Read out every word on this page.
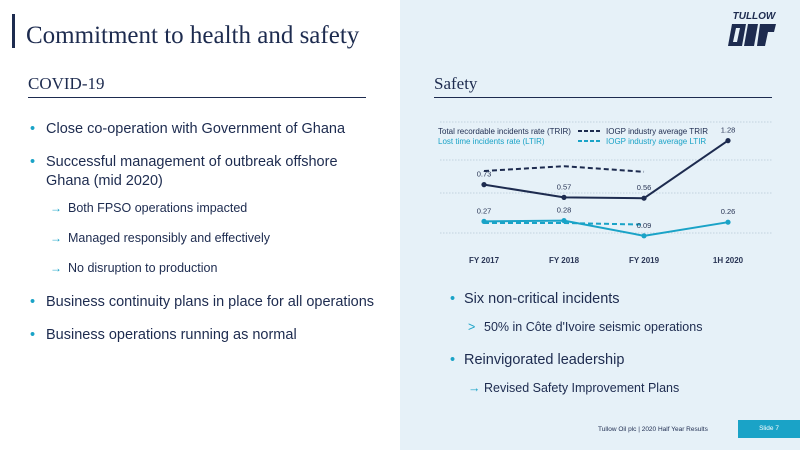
Commitment to health and safety
TULLOW
COVID-19
• Close co-operation with Government of Ghana
• Successful management of outbreak offshore Ghana (mid 2020)
→ Both FPSO operations impacted
→ Managed responsibly and effectively
→ No disruption to production
• Business continuity plans in place for all operations
• Business operations running as normal
Safety
Total recordable incidents rate (TRIR)
Lost time incidents rate (LTIR)
IOGP industry average TRIR
IOGP industry average LTIR
0.73
0.57	0.56
1.28
0.27	0.28
0.09
0.26
FY 2017	FY 2018	FY 2019	1H 2020
• Six non-critical incidents
> 50% in Côte d'Ivoire seismic operations
• Reinvigorated leadership
→ Revised Safety Improvement Plans
Tullow Oil plc | 2020 Half Year Results	Slide 7
